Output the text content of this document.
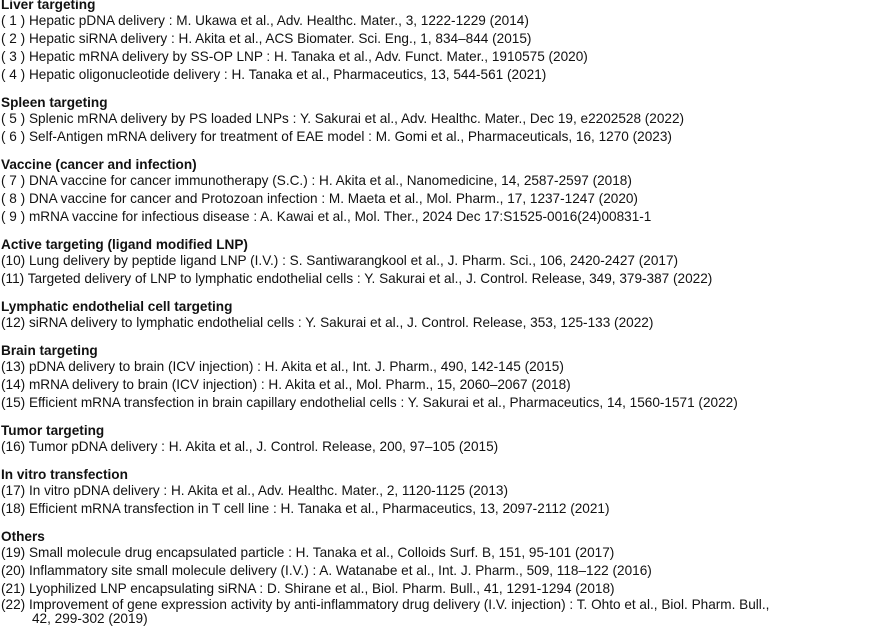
Liver targeting
( 1 ) Hepatic pDNA delivery : M. Ukawa et al., Adv. Healthc. Mater., 3, 1222-1229 (2014)
( 2 ) Hepatic siRNA delivery : H. Akita et al., ACS Biomater. Sci. Eng., 1, 834–844 (2015)
( 3 ) Hepatic mRNA delivery by SS-OP LNP : H. Tanaka et al., Adv. Funct. Mater., 1910575 (2020)
( 4 ) Hepatic oligonucleotide delivery : H. Tanaka et al., Pharmaceutics, 13, 544-561 (2021)
Spleen targeting
( 5 ) Splenic mRNA delivery by PS loaded LNPs : Y. Sakurai et al., Adv. Healthc. Mater., Dec 19, e2202528 (2022)
( 6 ) Self-Antigen mRNA delivery for treatment of EAE model : M. Gomi et al., Pharmaceuticals, 16, 1270 (2023)
Vaccine (cancer and infection)
( 7 ) DNA vaccine for cancer immunotherapy (S.C.) : H. Akita et al., Nanomedicine, 14, 2587-2597 (2018)
( 8 ) DNA vaccine for cancer and Protozoan infection : M. Maeta et al., Mol. Pharm., 17, 1237-1247 (2020)
( 9 ) mRNA vaccine for infectious disease : A. Kawai et al., Mol. Ther., 2024 Dec 17:S1525-0016(24)00831-1
Active targeting (ligand modified LNP)
(10) Lung delivery by peptide ligand LNP (I.V.) : S. Santiwarangkool et al., J. Pharm. Sci., 106, 2420-2427 (2017)
(11) Targeted delivery of LNP to lymphatic endothelial cells : Y. Sakurai et al., J. Control. Release, 349, 379-387 (2022)
Lymphatic endothelial cell targeting
(12) siRNA delivery to lymphatic endothelial cells : Y. Sakurai et al., J. Control. Release, 353, 125-133 (2022)
Brain targeting
(13) pDNA delivery to brain (ICV injection) : H. Akita et al., Int. J. Pharm., 490, 142-145 (2015)
(14) mRNA delivery to brain (ICV injection) : H. Akita et al., Mol. Pharm., 15, 2060–2067 (2018)
(15) Efficient mRNA transfection in brain capillary endothelial cells : Y. Sakurai et al., Pharmaceutics, 14, 1560-1571 (2022)
Tumor targeting
(16) Tumor pDNA delivery : H. Akita et al., J. Control. Release, 200, 97–105 (2015)
In vitro transfection
(17) In vitro pDNA delivery : H. Akita et al., Adv. Healthc. Mater., 2, 1120-1125 (2013)
(18) Efficient mRNA transfection in T cell line : H. Tanaka et al., Pharmaceutics, 13, 2097-2112 (2021)
Others
(19) Small molecule drug encapsulated particle : H. Tanaka et al., Colloids Surf. B, 151, 95-101 (2017)
(20) Inflammatory site small molecule delivery (I.V.) : A. Watanabe et al., Int. J. Pharm., 509, 118–122 (2016)
(21) Lyophilized LNP encapsulating siRNA : D. Shirane et al., Biol. Pharm. Bull., 41, 1291-1294 (2018)
(22) Improvement of gene expression activity by anti-inflammatory drug delivery (I.V. injection) : T. Ohto et al., Biol. Pharm. Bull.,
42, 299-302 (2019)
